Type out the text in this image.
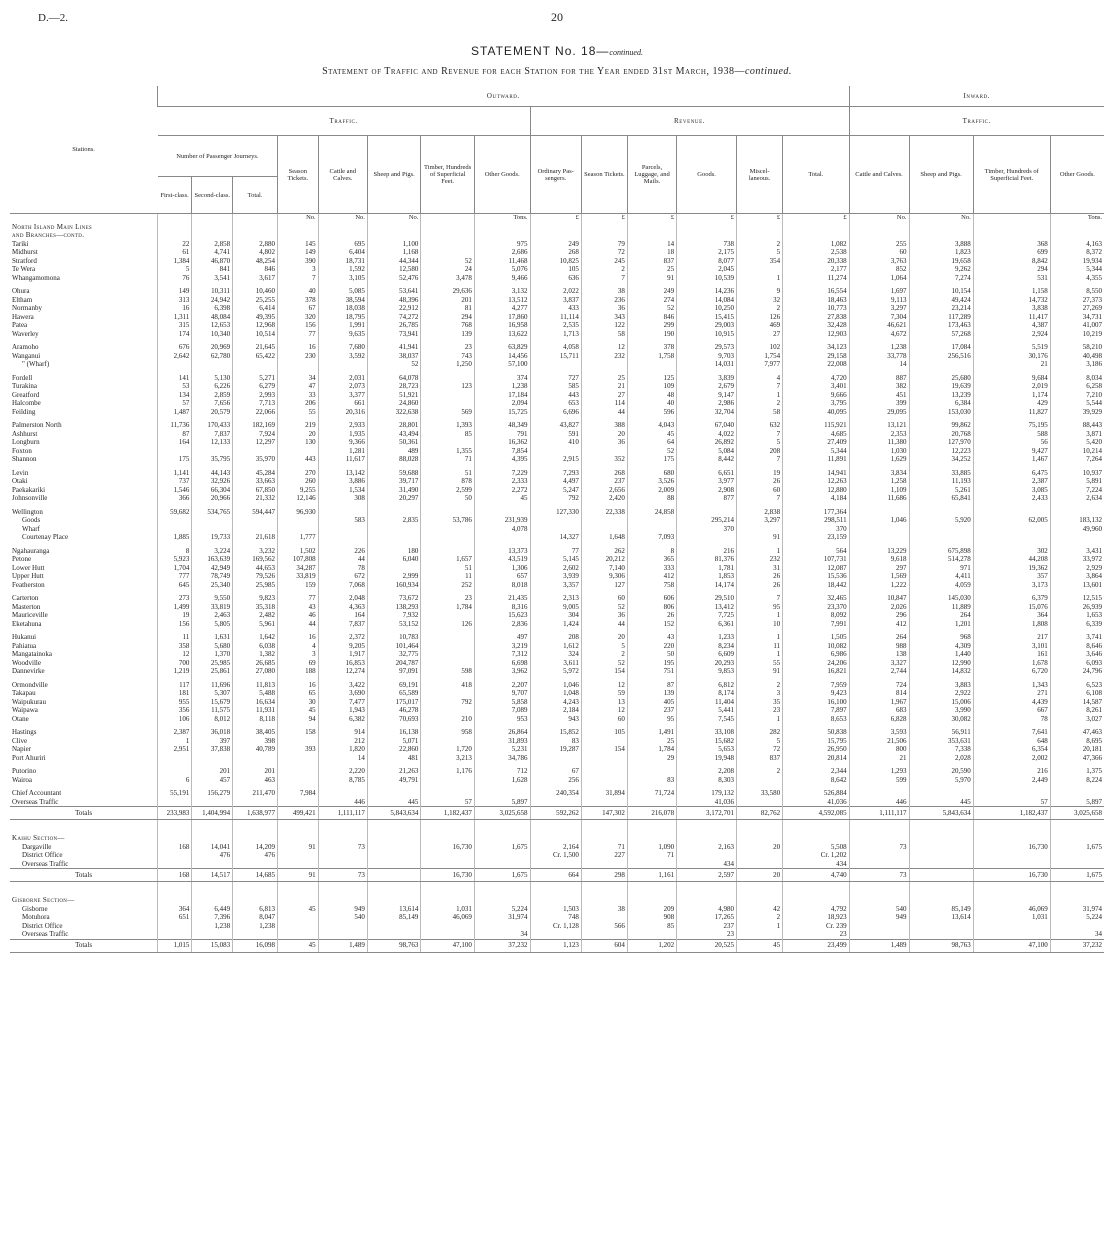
D.—2.	20
STATEMENT No. 18—continued.
Statement of Traffic and Revenue for each Station for the Year ended 31st March, 1938—continued.
Stations.	Outward.														Inward.			
	Traffic.								Revenue.						Traffic.			
	Number of Passenger Journeys.			Season Tickets.	Cattle and Calves.	Sheep and Pigs.	Timber, Hundreds of Superficial Feet.	Other Goods.	Ordinary Pas-sengers.	Season Tickets.	Parcels, Luggage, and Mails.	Goods.	Miscel-laneous.	Total.	Cattle and Calves.	Sheep and Pigs.	Timber, Hundreds of Superficial Feet.	Other Goods.
	First-class.	Second-class.	Total.															
				No.	No.	No.		Tons.	£	£	£	£	£	£	No.	No.		Tons.
North Island Main Lines																		
and Branches—contd.																		
Tariki	22	2,858	2,880	145	695	1,100		975	249	79	14	738	2	1,082	255	3,888	368	4,163
Midhurst	61	4,741	4,802	149	6,404	1,168		2,686	268	72	18	2,175	5	2,538	60	1,823	699	8,372
Stratford	1,384	46,870	48,254	390	18,731	44,344	52	11,468	10,825	245	837	8,077	354	20,338	3,763	19,658	8,842	19,934
Te Wera	5	841	846	3	1,592	12,580	24	5,076	105	2	25	2,045		2,177	852	9,262	294	5,344
Whangamomona	76	3,541	3,617	7	3,105	52,476	3,478	9,466	636	7	91	10,539	1	11,274	1,064	7,274	531	4,355

Ohura	149	10,311	10,460	40	5,085	53,641	29,636	3,132	2,022	38	249	14,236	9	16,554	1,697	10,154	1,158	8,550
Eltham	313	24,942	25,255	378	38,594	48,396	201	13,512	3,837	236	274	14,084	32	18,463	9,113	49,424	14,732	27,373
Normanby	16	6,398	6,414	67	18,038	22,912	81	4,277	433	36	52	10,250	2	10,773	3,297	23,214	3,838	27,269
Hawera	1,311	48,084	49,395	320	18,795	74,272	294	17,860	11,114	343	846	15,415	126	27,838	7,304	117,289	11,417	34,731
Patea	315	12,653	12,968	156	1,991	26,785	768	16,958	2,535	122	299	29,003	469	32,428	46,621	173,463	4,387	41,007
Waverley	174	10,340	10,514	77	9,635	73,941	139	13,622	1,713	58	190	10,915	27	12,903	4,672	57,268	2,924	10,219

Aramoho	676	20,969	21,645	16	7,680	41,941	23	63,829	4,058	12	378	29,573	102	34,123	1,238	17,084	5,519	58,210
Wanganui	2,642	62,780	65,422	230	3,592	38,037	743	14,456	15,711	232	1,758	9,703	1,754	29,158	33,778	256,516	30,176	40,498
" (Wharf)						52	1,250	57,100				14,031	7,977	22,008	14		21	3,186

Fordell	141	5,130	5,271	34	2,031	64,078		374	727	25	125	3,839	4	4,720	887	25,680	9,684	8,034
Turakina	53	6,226	6,279	47	2,073	28,723	123	1,238	585	21	109	2,679	7	3,401	382	19,639	2,019	6,258
Greatford	134	2,859	2,993	33	3,377	51,921		17,184	443	27	48	9,147	1	9,666	451	13,239	1,174	7,210
Halcombe	57	7,656	7,713	206	661	24,860		2,094	653	114	40	2,986	2	3,795	399	6,384	429	5,544
Feilding	1,487	20,579	22,066	55	20,316	322,638	569	15,725	6,696	44	596	32,704	58	40,095	29,095	153,030	11,827	39,929

Palmerston North	11,736	170,433	182,169	219	2,933	28,801	1,393	48,349	43,827	388	4,043	67,040	632	115,921	13,121	99,862	75,195	88,443
Ashhurst	87	7,837	7,924	20	1,935	43,494	85	791	591	20	45	4,022	7	4,685	2,353	20,768	588	3,871
Longburn	164	12,133	12,297	130	9,366	50,361		16,362	410	36	64	26,892	5	27,409	11,380	127,970	56	5,420
Foxton					1,281	489	1,355	7,854			52	5,084	208	5,344	1,030	12,223	9,427	10,214
Shannon	175	35,795	35,970	443	11,617	88,028	71	4,395	2,915	352	175	8,442	7	11,891	1,629	34,252	1,467	7,264

Levin	1,141	44,143	45,284	270	13,142	59,688	51	7,229	7,293	268	680	6,651	19	14,941	3,834	33,885	6,475	10,937
Otaki	737	32,926	33,663	260	3,886	39,717	878	2,333	4,497	237	3,526	3,977	26	12,263	1,258	11,193	2,387	5,891
Paekakariki	1,546	66,304	67,850	9,255	1,534	31,490	2,599	2,272	5,247	2,656	2,009	2,908	60	12,880	1,109	5,261	3,085	7,224
Johnsonville	366	20,966	21,332	12,146	308	20,297	50	45	792	2,420	88	877	7	4,184	11,686	65,841	2,433	2,634

Wellington	59,682	534,765	594,447	96,930					127,330	22,338	24,858		2,838	177,364				
Goods					583	2,835	53,786	231,939				295,214	3,297	298,511	1,046	5,920	62,005	183,132
Wharf								4,078				370		370				49,960
Courtenay Place	1,885	19,733	21,618	1,777					14,327	1,648	7,093		91	23,159				

Ngahauranga	8	3,224	3,232	1,502	226	180		13,373	77	262	8	216	1	564	13,229	675,898	302	3,431
Petone	5,923	163,639	169,562	107,808	44	6,040	1,657	43,519	5,145	20,212	365	81,376	232	107,731	9,618	514,278	44,208	33,972
Lower Hutt	1,704	42,949	44,653	34,287	78		51	1,306	2,602	7,140	333	1,781	31	12,087	297	971	19,362	2,929
Upper Hutt	777	78,749	79,526	33,819	672	2,999	11	657	3,939	9,306	412	1,853	26	15,536	1,569	4,411	357	3,864
Featherston	645	25,340	25,985	159	7,068	160,934	252	8,018	3,357	127	758	14,174	26	18,442	1,222	4,059	3,173	13,601

Carterton	273	9,550	9,823	77	2,048	73,672	23	21,435	2,313	60	606	29,510	7	32,465	10,847	145,030	6,379	12,515
Masterton	1,499	33,819	35,318	43	4,363	138,293	1,784	8,316	9,005	52	806	13,412	95	23,370	2,026	11,889	15,076	26,939
Mauriceville	19	2,463	2,482	46	164	7,932		15,623	304	36	26	7,725	1	8,092	296	264	364	1,653
Eketahuna	156	5,805	5,961	44	7,837	53,152	126	2,836	1,424	44	152	6,361	10	7,991	412	1,201	1,808	6,339

Hukanui	11	1,631	1,642	16	2,372	10,783		497	208	20	43	1,233	1	1,505	264	968	217	3,741
Pahiatua	358	5,680	6,038	4	9,205	101,464		3,219	1,612	5	220	8,234	11	10,082	988	4,309	3,101	8,646
Mangatainoka	12	1,370	1,382	3	1,917	32,775		7,312	324	2	50	6,609	1	6,986	138	1,440	161	3,646
Woodville	700	25,985	26,685	69	16,853	204,787		6,698	3,611	52	195	20,293	55	24,206	3,327	12,990	1,678	6,093
Dannevirke	1,219	25,861	27,080	188	12,274	97,091	598	3,962	5,972	154	751	9,853	91	16,821	2,744	14,832	6,720	24,796

Ormondville	117	11,696	11,813	16	3,422	69,191	418	2,207	1,046	12	87	6,812	2	7,959	724	3,883	1,343	6,523
Takapau	181	5,307	5,488	65	3,690	65,589		9,707	1,048	59	139	8,174	3	9,423	814	2,922	271	6,108
Waipukurau	955	15,679	16,634	30	7,477	175,017	792	5,858	4,243	13	405	11,404	35	16,100	1,967	15,006	4,439	14,587
Waipawa	356	11,575	11,931	45	1,943	46,278		7,089	2,184	12	237	5,441	23	7,897	683	3,990	667	8,261
Otane	106	8,012	8,118	94	6,382	70,693	210	953	943	60	95	7,545	1	8,653	6,828	30,082	78	3,027

Hastings	2,387	36,018	38,405	158	914	16,138	958	26,864	15,852	105	1,491	33,108	282	50,838	3,593	56,911	7,641	47,463
Clive	1	397	398		212	5,071		31,893	83		25	15,682	5	15,795	21,506	353,631	648	8,695
Napier	2,951	37,838	40,789	393	1,820	22,860	1,720	5,231	19,287	154	1,784	5,653	72	26,950	800	7,338	6,354	20,181
Port Ahuriri					14	481	3,213	34,786			29	19,948	837	20,814	21	2,028	2,002	47,366

Putorino		201	201		2,220	21,263	1,176	712	67			2,208	2	2,344	1,293	20,590	216	1,375
Wairoa	6	457	463		8,785	49,791		1,628	256		83	8,303		8,642	599	5,970	2,449	8,224

Chief Accountant	55,191	156,279	211,470	7,984					240,354	31,894	71,724	179,132	33,580	526,884				
Overseas Traffic					446	445	57	5,897				41,036		41,036	446	445	57	5,897
Totals	233,983	1,404,994	1,638,977	499,421	1,111,117	5,843,634	1,182,437	3,025,658	592,262	147,302	216,078	3,172,701	82,762	4,592,085	1,111,117	5,843,634	1,182,437	3,025,658

Kaihu Section—																		
Dargaville	168	14,041	14,209	91	73		16,730	1,675	2,164	71	1,090	2,163	20	5,508	73		16,730	1,675
District Office		476	476						Cr. 1,500	227	71			Cr. 1,202				
Overseas Traffic												434		434				
Totals	168	14,517	14,685	91	73		16,730	1,675	664	298	1,161	2,597	20	4,740	73		16,730	1,675

Gisborne Section—																		
Gisborne	364	6,449	6,813	45	949	13,614	1,031	5,224	1,503	38	209	4,980	42	4,792	540	85,149	46,069	31,974
Motuhora	651	7,396	8,047		540	85,149	46,069	31,974	748		908	17,265	2	18,923	949	13,614	1,031	5,224
District Office		1,238	1,238						Cr. 1,128	566	85	237	1	Cr. 239				
Overseas Traffic								34				23		23				34
Totals	1,015	15,083	16,098	45	1,489	98,763	47,100	37,232	1,123	604	1,202	20,525	45	23,499	1,489	98,763	47,100	37,232
